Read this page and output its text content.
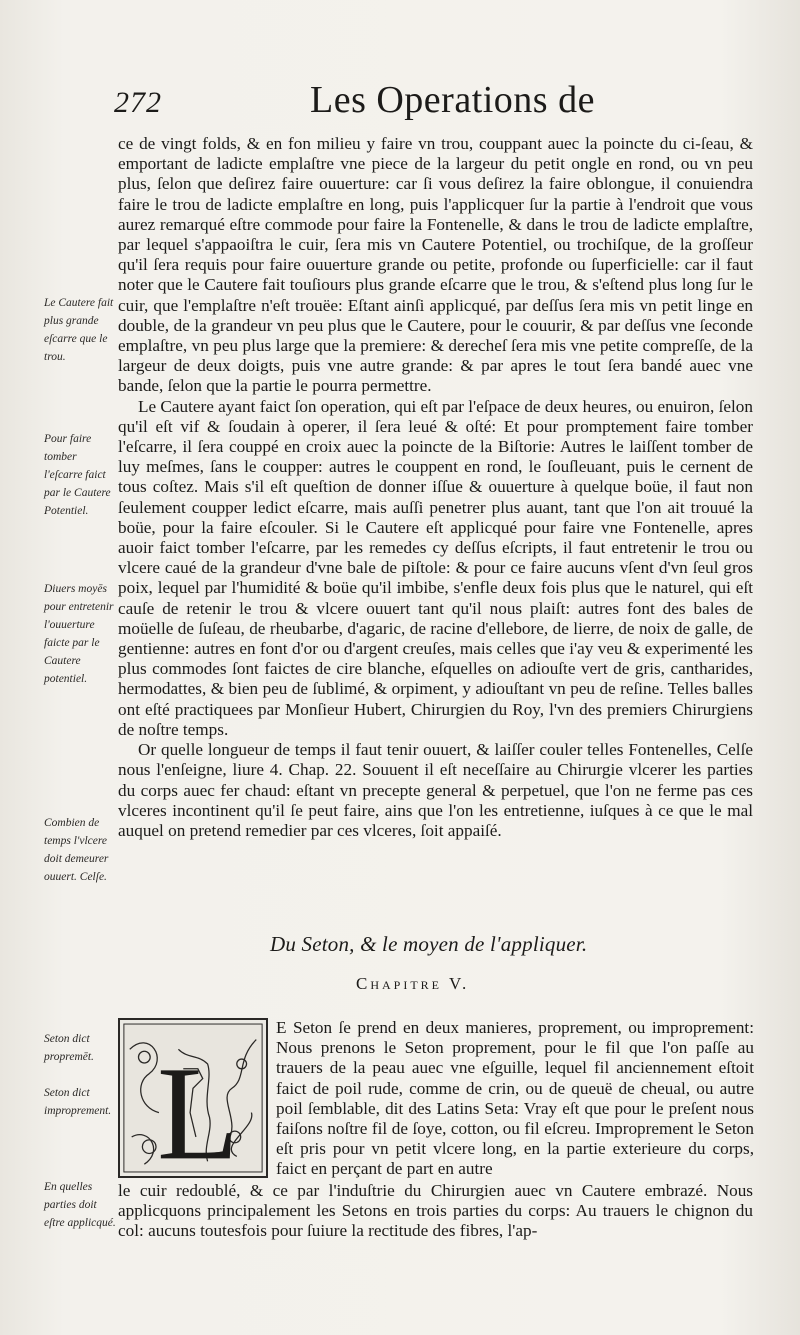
272	Les Operations de

ce de vingt folds, & en fon milieu y faire vn trou, couppant auec la poincte du ci-ſeau, & emportant de ladicte emplaſtre vne piece de la largeur du petit ongle en rond, ou vn peu plus, ſelon que deſirez faire ouuerture: car ſi vous deſirez la faire oblongue, il conuiendra faire le trou de ladicte emplaſtre en long, puis l'applicquer ſur la partie à l'endroit que vous aurez remarqué eſtre commode pour faire la Fontenelle, & dans le trou de ladicte emplaſtre, par lequel s'appaoiſtra le cuir, ſera mis vn Cautere Potentiel, ou trochiſque, de la groſſeur qu'il ſera requis pour faire ouuerture grande ou petite, profonde ou ſuperficielle: car il faut noter que le Cautere fait touſiours plus grande eſcarre que le trou, & s'eſtend plus long ſur le cuir, que l'emplaſtre n'eſt trouëe: Eſtant ainſi applicqué, par deſſus ſera mis vn petit linge en double, de la grandeur vn peu plus que le Cautere, pour le couurir, & par deſſus vne ſeconde emplaſtre, vn peu plus large que la premiere: & derecheſ ſera mis vne petite compreſſe, de la largeur de deux doigts, puis vne autre grande: & par apres le tout ſera bandé auec vne bande, ſelon que la partie le pourra permettre.

Le Cautere ayant faict ſon operation, qui eſt par l'eſpace de deux heures, ou enuiron, ſelon qu'il eſt vif & ſoudain à operer, il ſera leué & oſté: Et pour promptement faire tomber l'eſcarre, il ſera couppé en croix auec la poincte de la Biſtorie: Autres le laiſſent tomber de luy meſmes, ſans le coupper: autres le couppent en rond, le ſouſleuant, puis le cernent de tous coſtez. Mais s'il eſt queſtion de donner iſſue & ouuerture à quelque boüe, il faut non ſeulement coupper ledict eſcarre, mais auſſi penetrer plus auant, tant que l'on ait trouué la boüe, pour la faire eſcouler. Si le Cautere eſt applicqué pour faire vne Fontenelle, apres auoir faict tomber l'eſcarre, par les remedes cy deſſus eſcripts, il faut entretenir le trou ou vlcere caué de la grandeur d'vne bale de piſtole: & pour ce faire aucuns vſent d'vn ſeul gros poix, lequel par l'humidité & boüe qu'il imbibe, s'enfle deux fois plus que le naturel, qui eſt cauſe de retenir le trou & vlcere ouuert tant qu'il nous plaiſt: autres font des bales de moüelle de ſuſeau, de rheubarbe, d'agaric, de racine d'ellebore, de lierre, de noix de galle, de gentienne: autres en font d'or ou d'argent creuſes, mais celles que i'ay veu & experimenté les plus commodes ſont faictes de cire blanche, eſquelles on adiouſte vert de gris, cantharides, hermodattes, & bien peu de ſublimé, & orpiment, y adiouſtant vn peu de reſine. Telles balles ont eſté practiquees par Monſieur Hubert, Chirurgien du Roy, l'vn des premiers Chirurgiens de noſtre temps.

Or quelle longueur de temps il faut tenir ouuert, & laiſſer couler telles Fontenelles, Celſe nous l'enſeigne, liure 4. Chap. 22. Souuent il eſt neceſſaire au Chirurgie vlcerer les parties du corps auec fer chaud: eſtant vn precepte general & perpetuel, que l'on ne ferme pas ces vlceres incontinent qu'il ſe peut faire, ains que l'on les entretienne, iuſques à ce que le mal auquel on pretend remedier par ces vlceres, ſoit appaiſé.

Le Cautere fait plus grande eſcarre que le trou.
Pour faire tomber l'eſcarre faict par le Cautere Potentiel.
Diuers moyēs pour entretenir l'ouuerture faicte par le Cautere potentiel.
Combien de temps l'vlcere doit demeurer ouuert. Celſe.
Seton dict propremēt.
Seton dict improprement.
En quelles parties doit eſtre applicqué.
Du Seton, & le moyen de l'appliquer.
Chapitre V.
L
E Seton ſe prend en deux manieres, proprement, ou improprement: Nous prenons le Seton proprement, pour le fil que l'on paſſe au trauers de la peau auec vne eſguille, lequel fil anciennement eſtoit faict de poil rude, comme de crin, ou de queuë de cheual, ou autre poil ſemblable, dit des Latins Seta: Vray eſt que pour le preſent nous faiſons noſtre fil de ſoye, cotton, ou fil eſcreu. Improprement le Seton eſt pris pour vn petit vlcere long, en la partie exterieure du corps, faict en perçant de part en autre
le cuir redoublé, & ce par l'induſtrie du Chirurgien auec vn Cautere embrazé. Nous applicquons principalement les Setons en trois parties du corps: Au trauers le chignon du col: aucuns toutesfois pour ſuiure la rectitude des fibres, l'ap-
